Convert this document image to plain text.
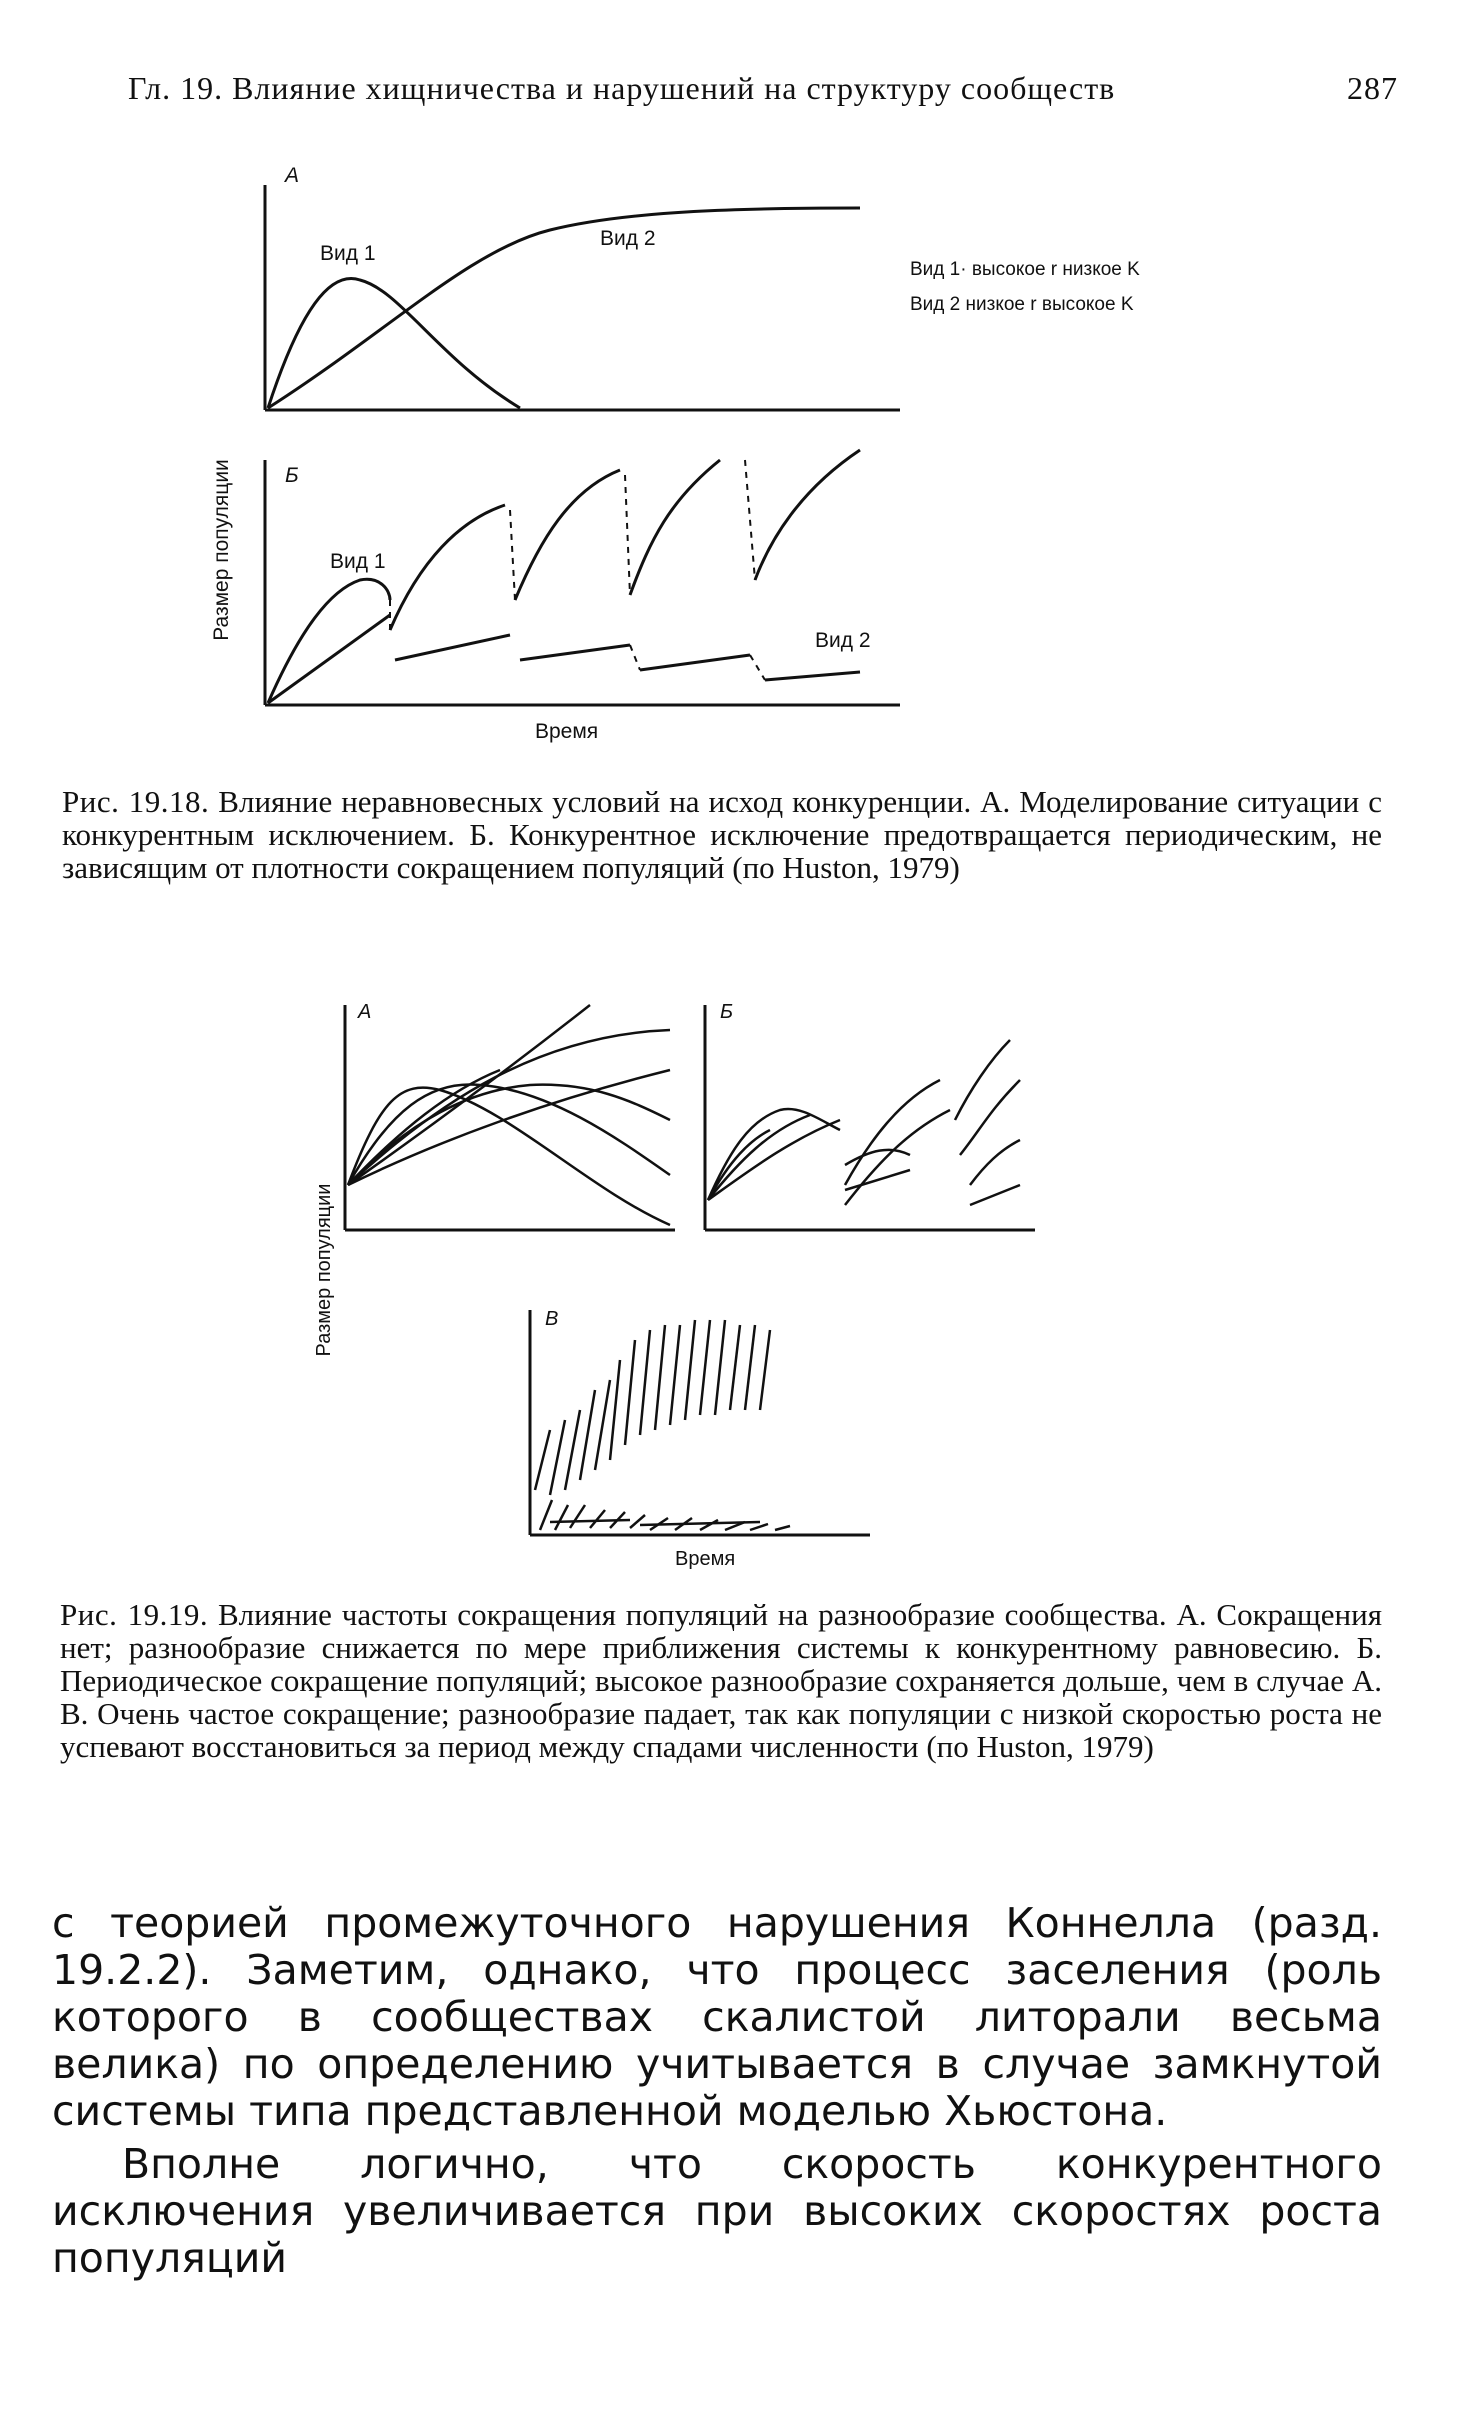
Гл. 19. Влияние хищничества и нарушений на структуру сообществ	287
А
Вид 1
Вид 2
Вид 1· высокое r низкое K
Вид 2 низкое r высокое K
Б
Вид 1
Вид 2
Время
Размер популяции
Рис. 19.18. Влияние неравновесных условий на исход конкуренции. А. Моделирование ситуации с конкурентным исключением. Б. Конкурентное исключение предотвращается периодическим, не зависящим от плотности сокращением популяций (по Huston, 1979)
А	Б
В
Время
Размер популяции
Рис. 19.19. Влияние частоты сокращения популяций на разнообразие сообщества. А. Сокращения нет; разнообразие снижается по мере приближения системы к конкурентному равновесию. Б. Периодическое сокращение популяций; высокое разнообразие сохраняется дольше, чем в случае А. В. Очень частое сокращение; разнообразие падает, так как популяции с низкой скоростью роста не успевают восстановиться за период между спадами численности (по Huston, 1979)

с теорией промежуточного нарушения Коннелла (разд. 19.2.2). Заметим, однако, что процесс заселения (роль которого в сообществах скалистой литорали весьма велика) по определению учитывается в случае замкнутой системы типа представленной моделью Хьюстона.

Вполне логично, что скорость конкурентного исключения увеличивается при высоких скоростях роста популяций
